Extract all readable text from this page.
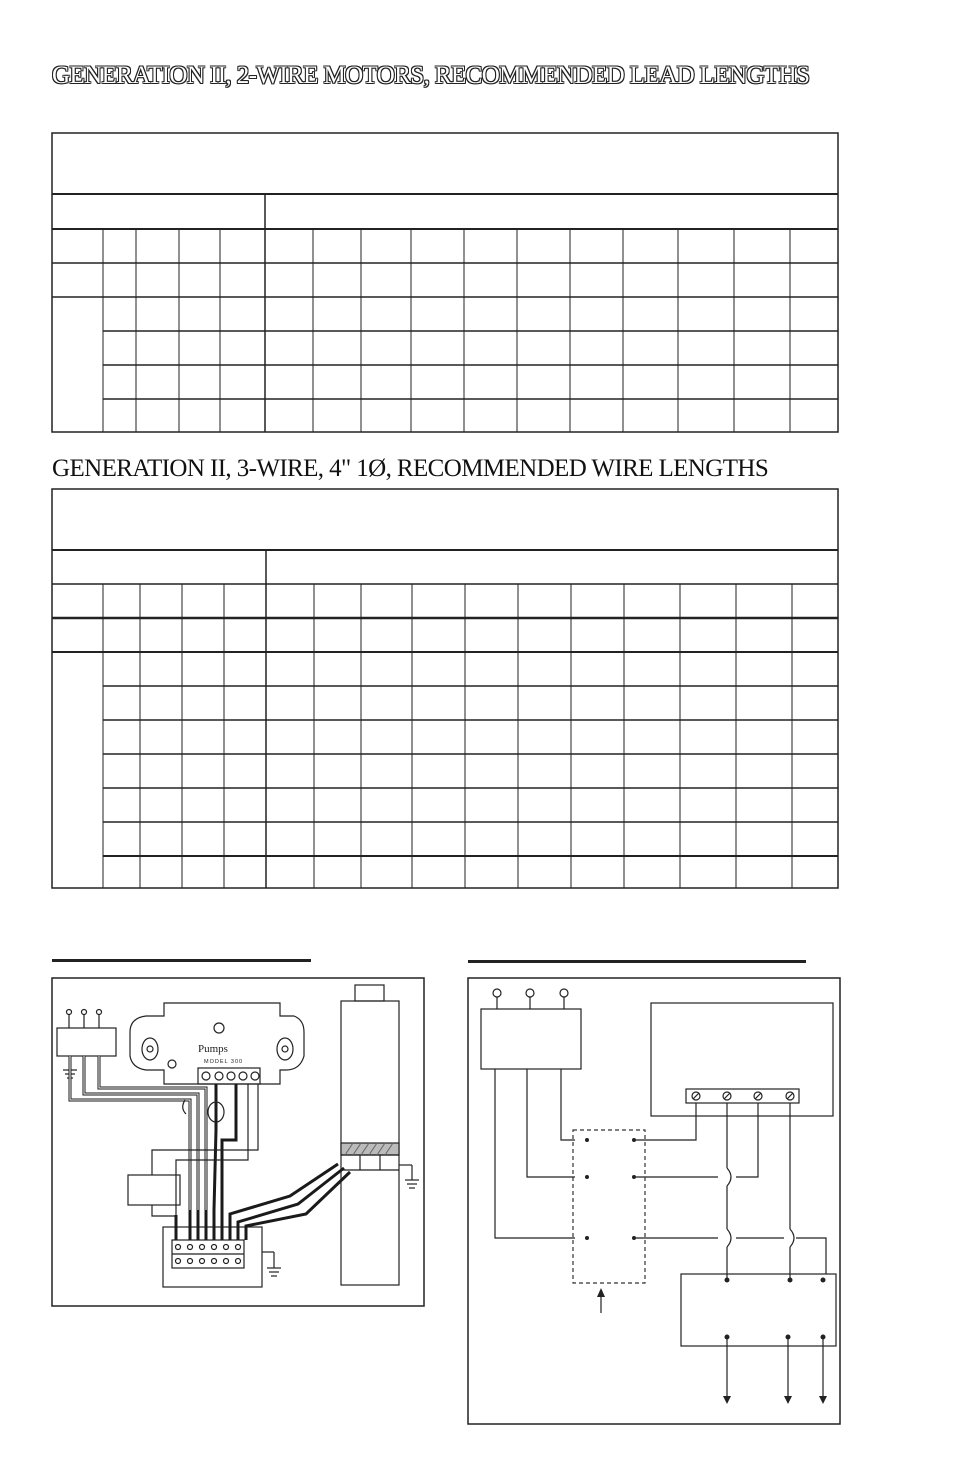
GENERATION II, 2-WIRE MOTORS, RECOMMENDED LEAD LENGTHS
GENERATION II, 3-WIRE, 4" 1Ø, RECOMMENDED WIRE LENGTHS
Pumps
MODEL 300
